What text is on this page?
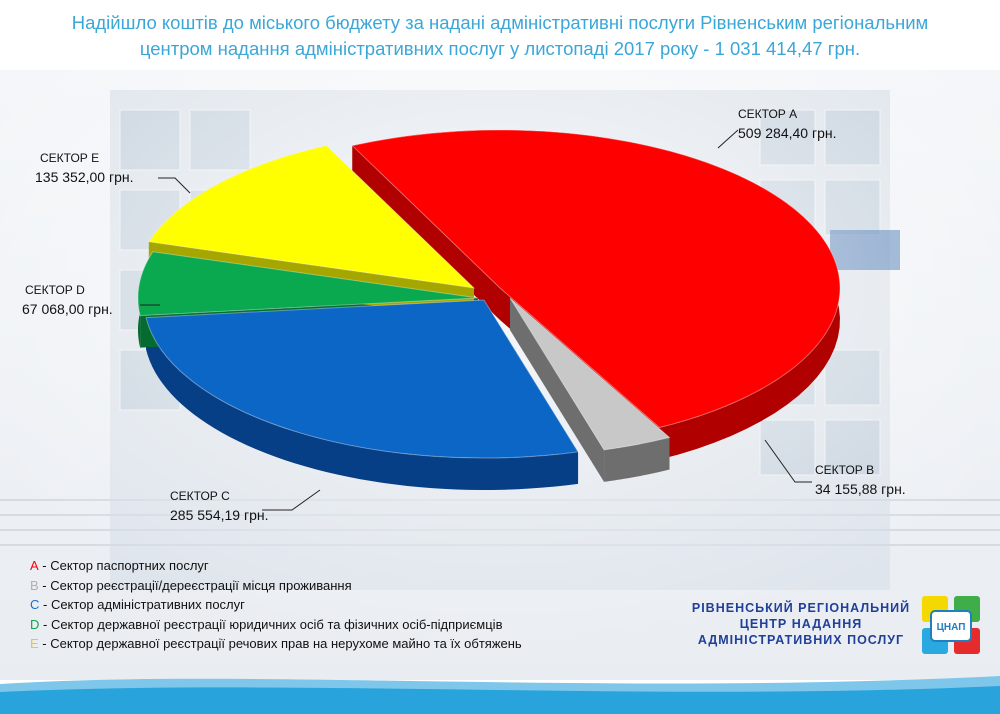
Надійшло коштів до міського бюджету за надані адміністративні послуги Рівненським регіональним
центром надання адміністративних послуг у листопаді 2017 року - 1 031 414,47 грн.
СЕКТОР А
509 284,40 грн.
СЕКТОР В
34 155,88 грн.
СЕКТОР С
285 554,19 грн.
СЕКТОР D
67 068,00 грн.
СЕКТОР Е
135 352,00 грн.
А - Сектор паспортних послуг
В - Сектор реєстрації/дереєстрації місця проживання
С - Сектор адміністративних послуг
D - Сектор державної реєстрації юридичних осіб та фізичних осіб-підприємців
Е - Сектор державної реєстрації речових прав на нерухоме майно та їх обтяжень
РІВНЕНСЬКИЙ РЕГІОНАЛЬНИЙ
ЦЕНТР НАДАННЯ
АДМІНІСТРАТИВНИХ ПОСЛУГ
ЦНАП
